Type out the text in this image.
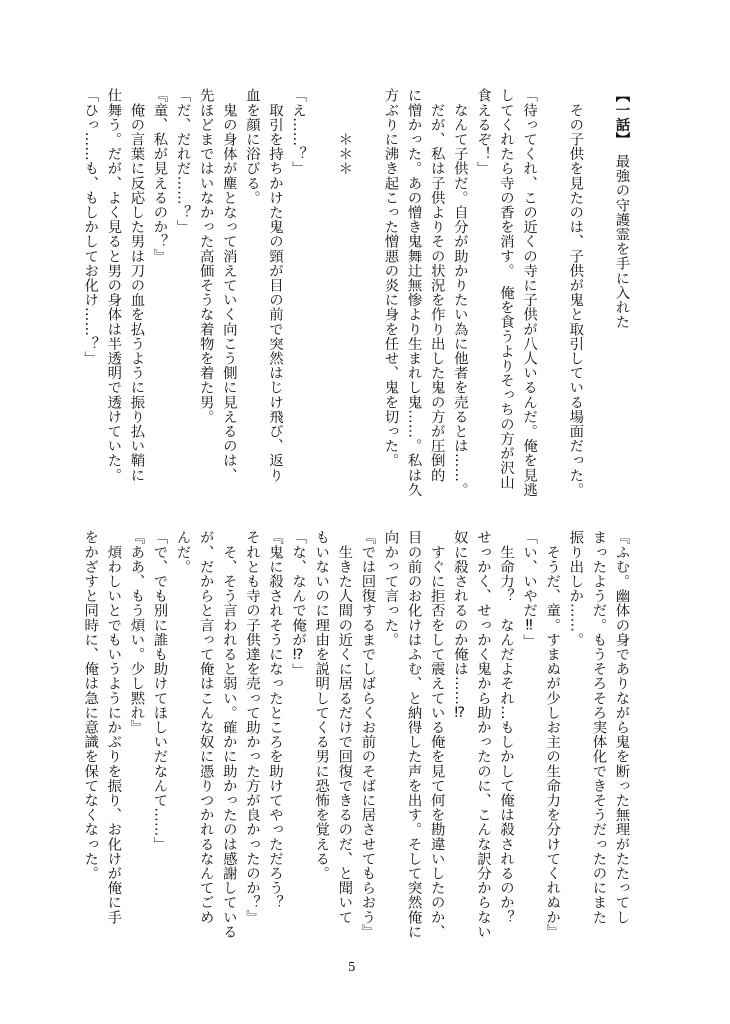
【一話】　最強の守護霊を手に入れた
　その子供を見たのは、子供が鬼と取引している場面だった。
「待ってくれ、この近くの寺に子供が八人いるんだ。俺を見逃
してくれたら寺の香を消す。　俺を食うよりそっちの方が沢山
食えるぞ！」
　なんて子供だ。自分が助かりたい為に他者を売るとは……。
　だが、私は子供よりその状況を作り出した鬼の方が圧倒的
に憎かった。あの憎き鬼舞辻無惨より生まれし鬼……。私は久
方ぶりに沸き起こった憎悪の炎に身を任せ、鬼を切った。
　　　＊＊＊
「え……？」
　取引を持ちかけた鬼の頸が目の前で突然はじけ飛び、返り
血を顔に浴びる。
　鬼の身体が塵となって消えていく向こう側に見えるのは、
先ほどまではいなかった高価そうな着物を着た男。
「だ、だれだ……？」
『童、私が見えるのか？』
　俺の言葉に反応した男は刀の血を払うように振り払い鞘に
仕舞う。だが、よく見ると男の身体は半透明で透けていた。
「ひっ……も、もしかしてお化け……？」
『ふむ。幽体の身でありながら鬼を断った無理がたたってし
まったようだ。もうそろそろ実体化できそうだったのにまた
振り出しか……。
　そうだ、童。すまぬが少しお主の生命力を分けてくれぬか』
「い、いやだ‼」
　生命力？　なんだよそれ…もしかして俺は殺されるのか？
せっかく、せっかく鬼から助かったのに、こんな訳分からない
奴に殺されるのか俺は……⁉
　すぐに拒否をして震えている俺を見て何を勘違いしたのか、
目の前のお化けはふむ、と納得した声を出す。そして突然俺に
向かって言った。
『では回復するまでしばらくお前のそばに居させてもらおう』
　生きた人間の近くに居るだけで回復できるのだ、と聞いて
もいないのに理由を説明してくる男に恐怖を覚える。
「な、なんで俺が⁉」
『鬼に殺されそうになったところを助けてやっただろう？
それとも寺の子供達を売って助かった方が良かったのか？』
　そ、そう言われると弱い。確かに助かったのは感謝している
が、だからと言って俺はこんな奴に憑りつかれるなんてごめ
んだ。
「で、でも別に誰も助けてほしいだなんて……」
『ああ、もう煩い。少し黙れ』
　煩わしいとでもいうようにかぶりを振り、お化けが俺に手
をかざすと同時に、俺は急に意識を保てなくなった。
5
